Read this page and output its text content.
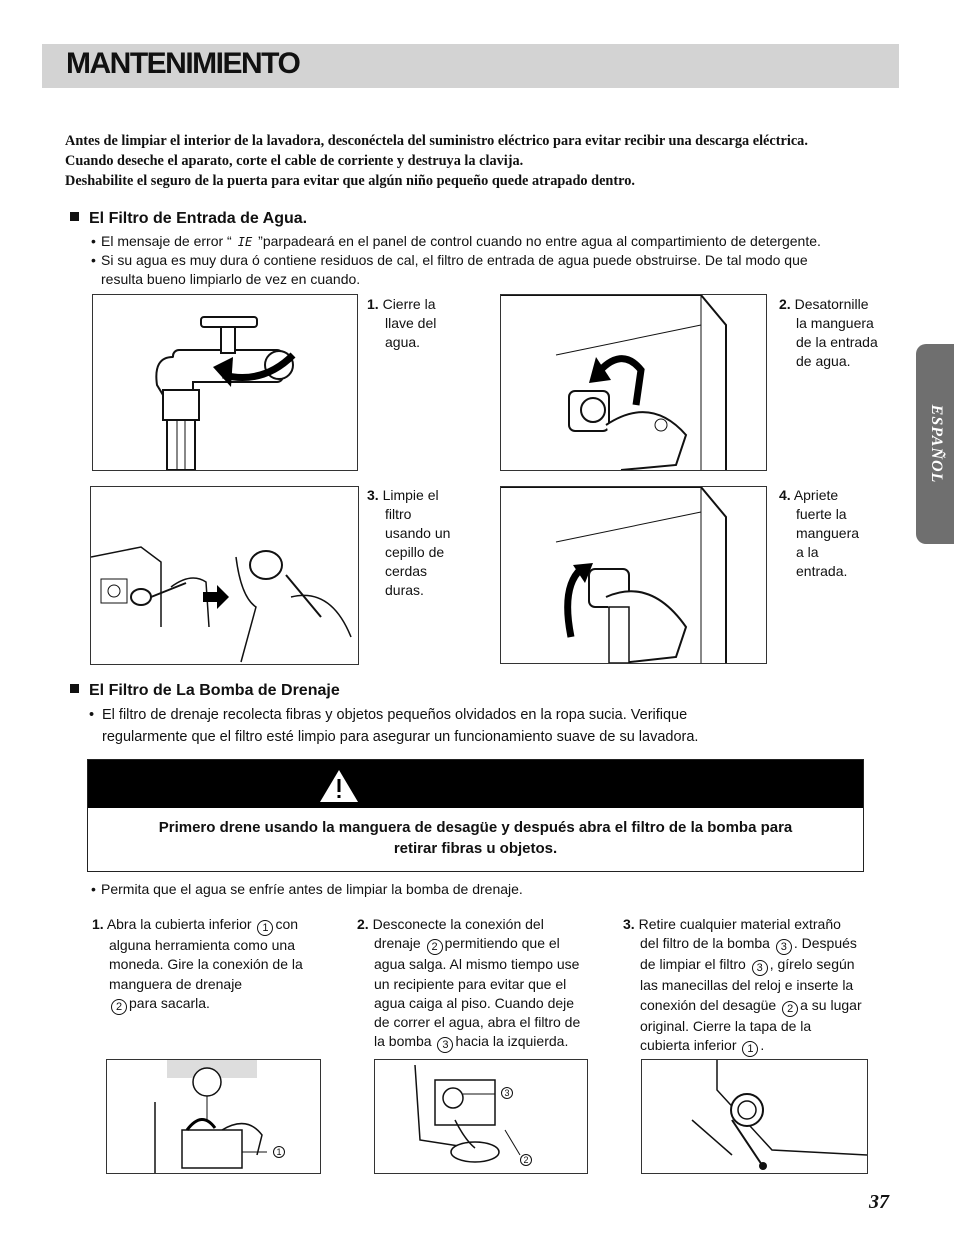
MANTENIMIENTO
ESPAÑOL

Antes de limpiar el interior de la lavadora, desconéctela del suministro eléctrico para evitar recibir una descarga eléctrica.

Cuando deseche el aparato, corte el cable de corriente y destruya la clavija.

Deshabilite el seguro de la puerta para evitar que algún niño pequeño quede atrapado dentro.

El Filtro de Entrada de Agua.
• El mensaje de error “ IE ”parpadeará en el panel de control cuando no entre agua al compartimiento de detergente.
• Si su agua es muy dura ó contiene residuos de cal, el filtro de entrada de agua puede obstruirse. De tal modo que
resulta bueno limpiarlo de vez en cuando.
1. Cierre la
llave del
agua.
2. Desatornille
la manguera
de la entrada
de agua.
3. Limpie el
filtro
usando un
cepillo de
cerdas
duras.
4. Apriete
fuerte la
manguera
a la
entrada.
El Filtro de La Bomba de Drenaje
• El filtro de drenaje recolecta fibras y objetos pequeños olvidados en la ropa sucia. Verifique
regularmente que el filtro esté limpio para asegurar un funcionamiento suave de su lavadora.
Primero drene usando la manguera de desagüe y después abra el filtro de la bomba para
retirar fibras u objetos.
• Permita que el agua se enfríe antes de limpiar la bomba de drenaje.
1. Abra la cubierta inferior 1 con
alguna herramienta como una
moneda. Gire la conexión de la
manguera de drenaje
2 para sacarla.
2. Desconecte la conexión del
drenaje 2 permitiendo que el
agua salga. Al mismo tiempo use
un recipiente para evitar que el
agua caiga al piso. Cuando deje
de correr el agua, abra el filtro de
la bomba 3 hacia la izquierda.
3. Retire cualquier material extraño
del filtro de la bomba 3 . Después
de limpiar el filtro 3 , gírelo según
las manecillas del reloj e inserte la
conexión del desagüe 2 a su lugar
original. Cierre la tapa de la
cubierta inferior 1 .
1
3
2
37
